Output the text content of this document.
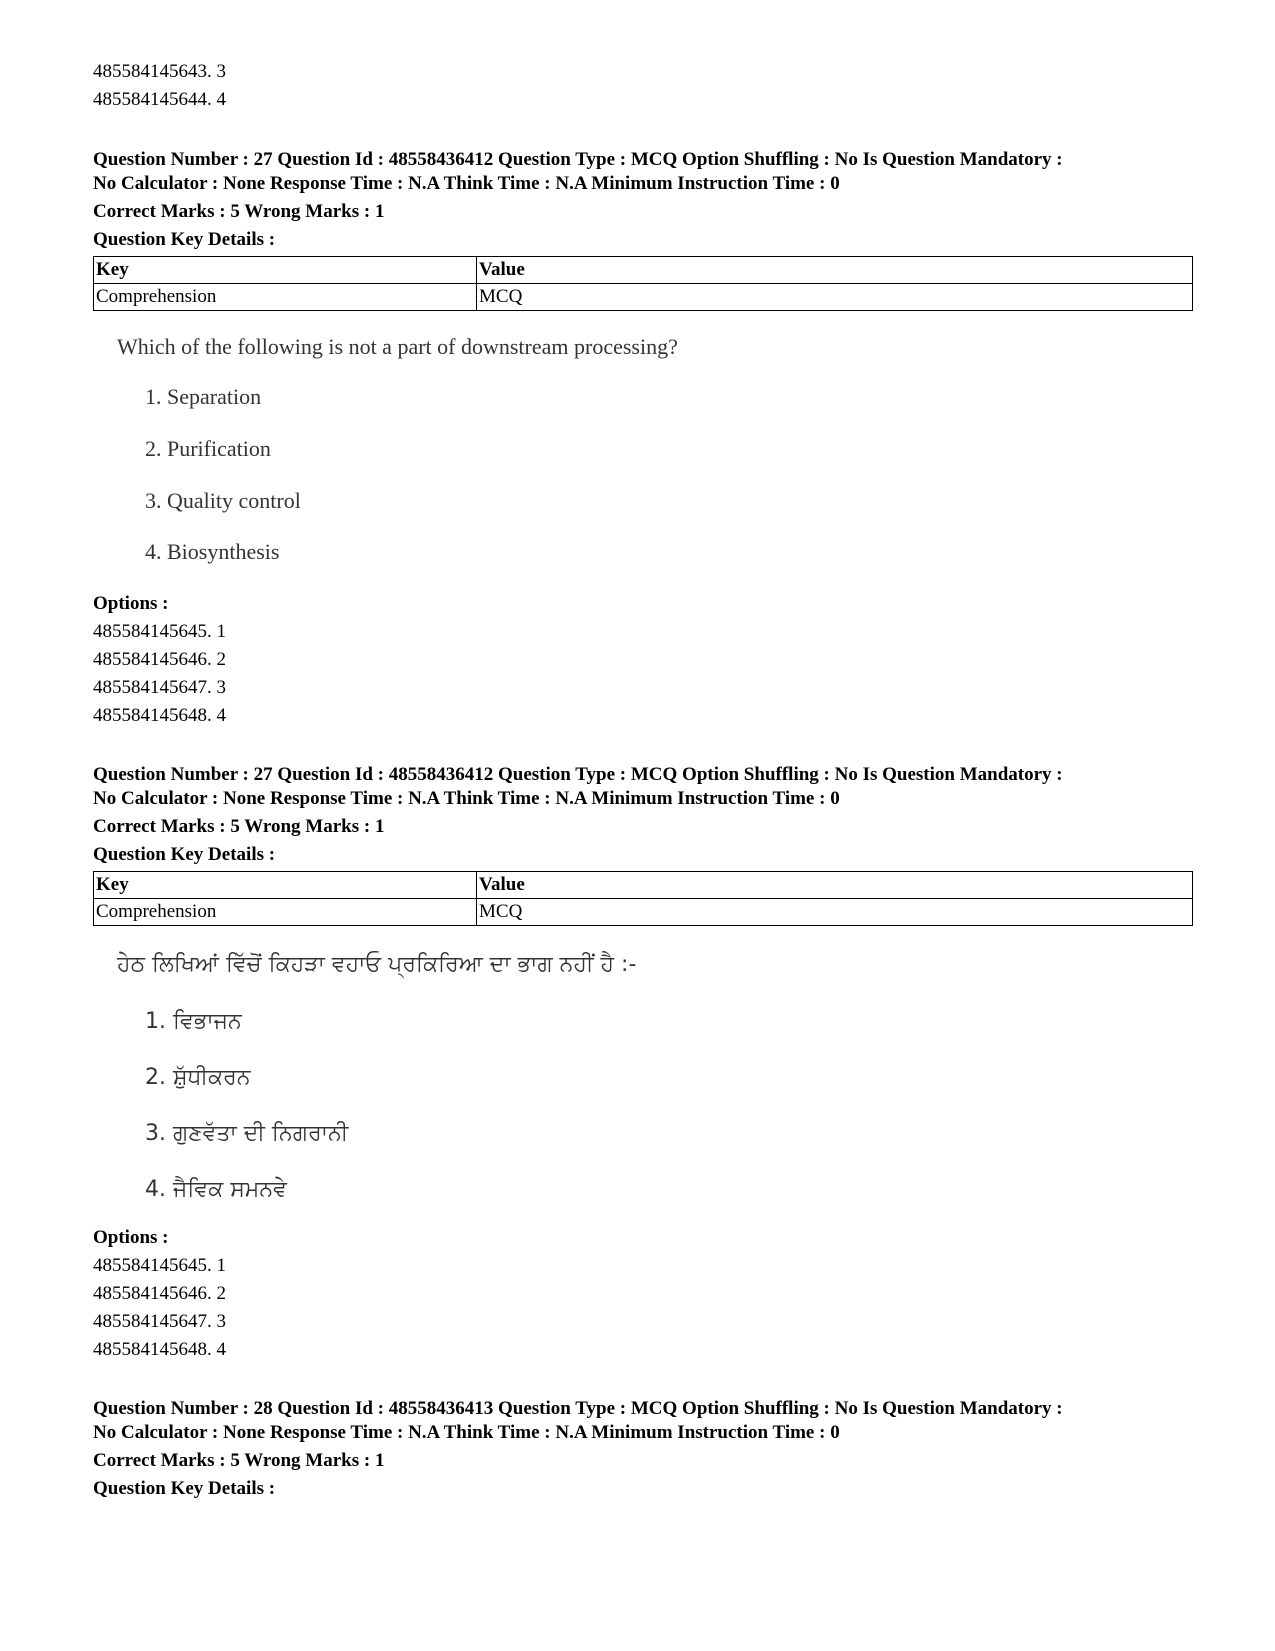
485584145643. 3
485584145644. 4
Question Number : 27 Question Id : 48558436412 Question Type : MCQ Option Shuffling : No Is Question Mandatory :
No Calculator : None Response Time : N.A Think Time : N.A Minimum Instruction Time : 0
Correct Marks : 5 Wrong Marks : 1
Question Key Details :
Key	Value
Comprehension	MCQ
Which of the following is not a part of downstream processing?
1. Separation
2. Purification
3. Quality control
4. Biosynthesis
Options :
485584145645. 1
485584145646. 2
485584145647. 3
485584145648. 4
Question Number : 27 Question Id : 48558436412 Question Type : MCQ Option Shuffling : No Is Question Mandatory :
No Calculator : None Response Time : N.A Think Time : N.A Minimum Instruction Time : 0
Correct Marks : 5 Wrong Marks : 1
Question Key Details :
Key	Value
Comprehension	MCQ
ਹੇਠ ਲਿਖਿਆਂ ਵਿੱਚੋਂ ਕਿਹੜਾ ਵਹਾਓ ਪ੍ਰਕਿਰਿਆ ਦਾ ਭਾਗ ਨਹੀਂ ਹੈ :-
1. ਵਿਭਾਜਨ
2. ਸ਼ੁੱਧੀਕਰਨ
3. ਗੁਣਵੱਤਾ ਦੀ ਨਿਗਰਾਨੀ
4. ਜੈਵਿਕ ਸਮਨਵੇ
Options :
485584145645. 1
485584145646. 2
485584145647. 3
485584145648. 4
Question Number : 28 Question Id : 48558436413 Question Type : MCQ Option Shuffling : No Is Question Mandatory :
No Calculator : None Response Time : N.A Think Time : N.A Minimum Instruction Time : 0
Correct Marks : 5 Wrong Marks : 1
Question Key Details :
